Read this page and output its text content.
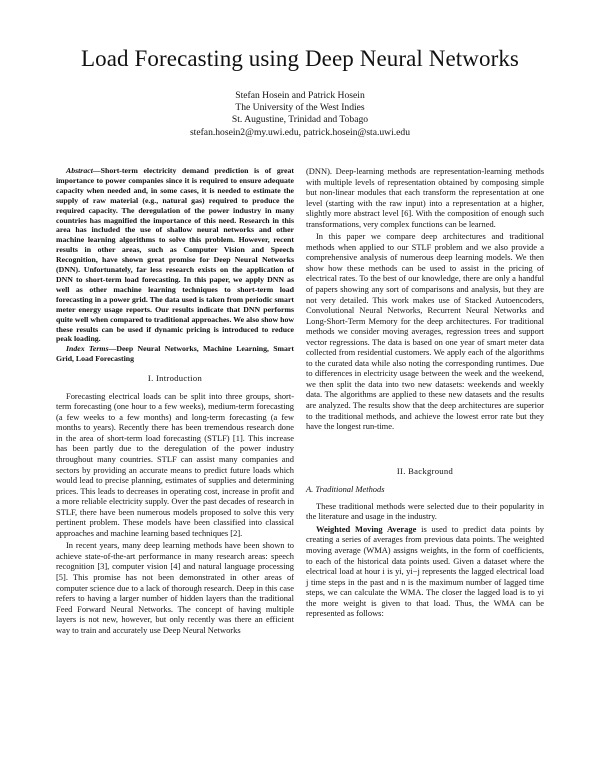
Load Forecasting using Deep Neural Networks
Stefan Hosein and Patrick Hosein
The University of the West Indies
St. Augustine, Trinidad and Tobago
stefan.hosein2@my.uwi.edu, patrick.hosein@sta.uwi.edu

Abstract—Short-term electricity demand prediction is of great importance to power companies since it is required to ensure adequate capacity when needed and, in some cases, it is needed to estimate the supply of raw material (e.g., natural gas) required to produce the required capacity. The deregulation of the power industry in many countries has magnified the importance of this need. Research in this area has included the use of shallow neural networks and other machine learning algorithms to solve this problem. However, recent results in other areas, such as Computer Vision and Speech Recognition, have shown great promise for Deep Neural Networks (DNN). Unfortunately, far less research exists on the application of DNN to short-term load forecasting. In this paper, we apply DNN as well as other machine learning techniques to short-term load forecasting in a power grid. The data used is taken from periodic smart meter energy usage reports. Our results indicate that DNN performs quite well when compared to traditional approaches. We also show how these results can be used if dynamic pricing is introduced to reduce peak loading.

Index Terms—Deep Neural Networks, Machine Learning, Smart Grid, Load Forecasting

I. Introduction

Forecasting electrical loads can be split into three groups, short-term forecasting (one hour to a few weeks), medium-term forecasting (a few weeks to a few months) and long-term forecasting (a few months to years). Recently there has been tremendous research done in the area of short-term load forecasting (STLF) [1]. This increase has been partly due to the deregulation of the power industry throughout many countries. STLF can assist many companies and sectors by providing an accurate means to predict future loads which would lead to precise planning, estimates of supplies and determining prices. This leads to decreases in operating cost, increase in profit and a more reliable electricity supply. Over the past decades of research in STLF, there have been numerous models proposed to solve this very pertinent problem. These models have been classified into classical approaches and machine learning based techniques [2].

In recent years, many deep learning methods have been shown to achieve state-of-the-art performance in many research areas: speech recognition [3], computer vision [4] and natural language processing [5]. This promise has not been demonstrated in other areas of computer science due to a lack of thorough research. Deep in this case refers to having a larger number of hidden layers than the traditional Feed Forward Neural Networks. The concept of having multiple layers is not new, however, but only recently was there an efficient way to train and accurately use Deep Neural Networks

(DNN). Deep-learning methods are representation-learning methods with multiple levels of representation obtained by composing simple but non-linear modules that each transform the representation at one level (starting with the raw input) into a representation at a higher, slightly more abstract level [6]. With the composition of enough such transformations, very complex functions can be learned.

In this paper we compare deep architectures and traditional methods when applied to our STLF problem and we also provide a comprehensive analysis of numerous deep learning models. We then show how these methods can be used to assist in the pricing of electrical rates. To the best of our knowledge, there are only a handful of papers showing any sort of comparisons and analysis, but they are not very detailed. This work makes use of Stacked Autoencoders, Convolutional Neural Networks, Recurrent Neural Networks and Long-Short-Term Memory for the deep architectures. For traditional methods we consider moving averages, regression trees and support vector regressions. The data is based on one year of smart meter data collected from residential customers. We apply each of the algorithms to the curated data while also noting the corresponding runtimes. Due to differences in electricity usage between the week and the weekend, we then split the data into two new datasets: weekends and weekly data. The algorithms are applied to these new datasets and the results are analyzed. The results show that the deep architectures are superior to the traditional methods, and achieve the lowest error rate but they have the longest run-time.

II. Background

A. Traditional Methods

These traditional methods were selected due to their popularity in the literature and usage in the industry.

Weighted Moving Average is used to predict data points by creating a series of averages from previous data points. The weighted moving average (WMA) assigns weights, in the form of coefficients, to each of the historical data points used. Given a dataset where the electrical load at hour i is yi, yi−j represents the lagged electrical load j time steps in the past and n is the maximum number of lagged time steps, we can calculate the WMA. The closer the lagged load is to yi the more weight is given to that load. Thus, the WMA can be represented as follows:
